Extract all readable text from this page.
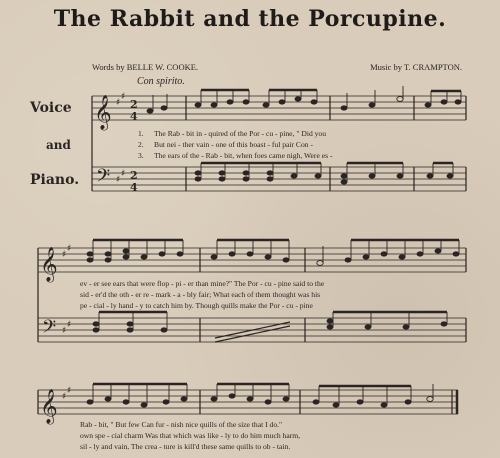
The Rabbit and the Porcupine.
Words by BELLE W. COOKE.	Music by T. CRAMPTON.
Con spirito.
Voice
and
Piano.
𝄞
𝄢
𝄞
𝄢
𝄞
♯
♯
♯
♯
♯
♯
♯
♯
♯
♯
2
4
2
4
1.
2.
3.
The Rab - bit in - quired of the Por - cu - pine, " Did you
But nei - ther vain - one of this boast - ful pair Con -
The ears of the - Rab - bit, when foes came nigh, Were es -
ev - er see ears that were flop - pi - er than mine?" The Por - cu - pine said to the
sid - er'd the oth - er re - mark - a - bly fair; What each of them thought was his
pe - cial - ly hand - y to catch him by. Though quills make the Por - cu - pine
Rab - bit, " But few Can fur - nish nice quills of the size that I do."
own spe - cial charm Was that which was like - ly to do him much harm,
sil - ly and vain, The crea - ture is kill'd these same quills to ob - tain.
